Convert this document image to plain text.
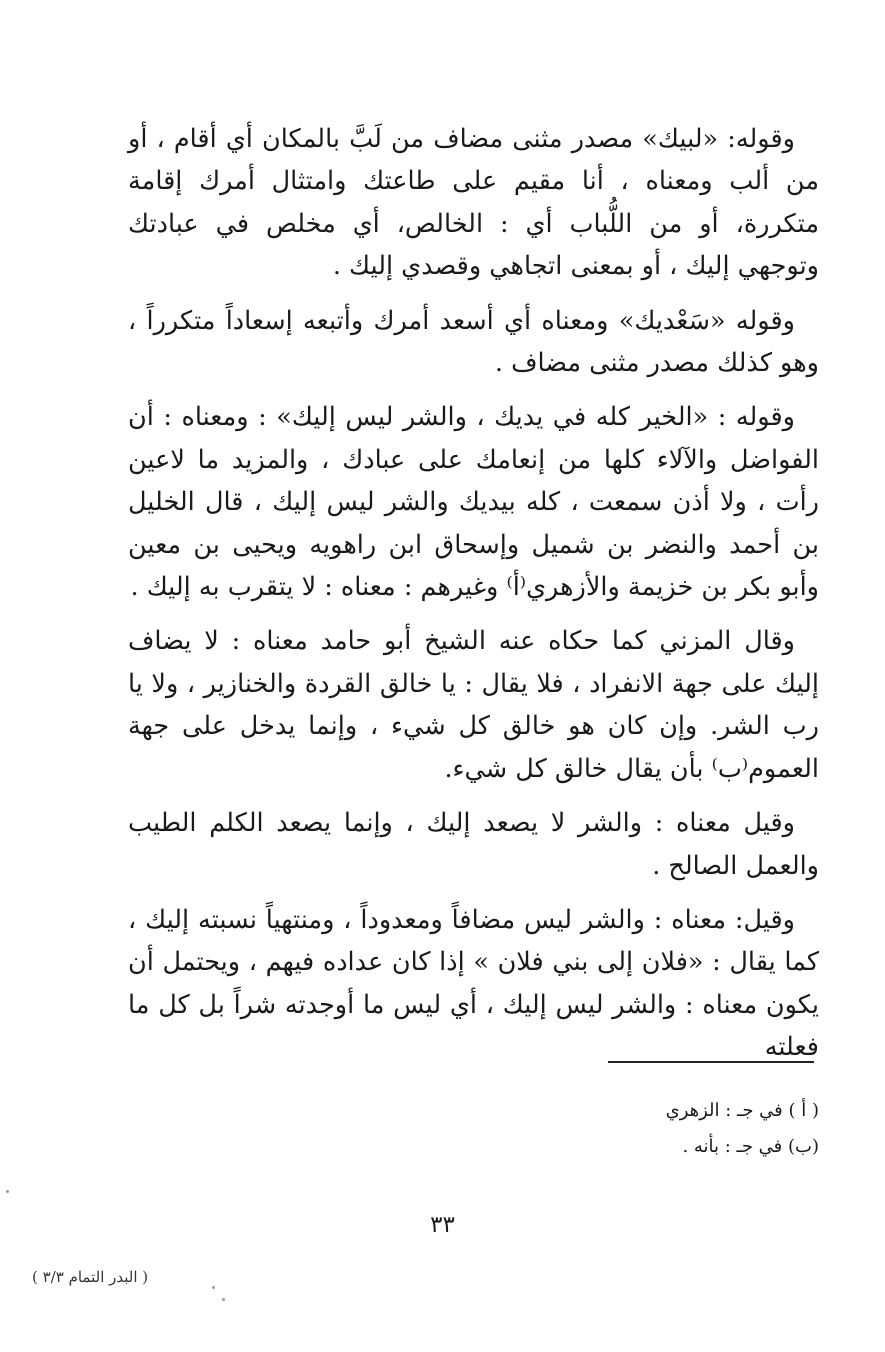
وقوله: «لبيك» مصدر مثنى مضاف من لَبَّ بالمكان أي أقام ، أو من ألب ومعناه ، أنا مقيم على طاعتك وامتثال أمرك إقامة متكررة، أو من اللُّباب أي : الخالص، أي مخلص في عبادتك وتوجهي إليك ، أو بمعنى اتجاهي وقصدي إليك .

وقوله «سَعْديك» ومعناه أي أسعد أمرك وأتبعه إسعاداً متكرراً ، وهو كذلك مصدر مثنى مضاف .

وقوله : «الخير كله في يديك ، والشر ليس إليك» : ومعناه : أن الفواضل والآلاء كلها من إنعامك على عبادك ، والمزيد ما لاعين رأت ، ولا أذن سمعت ، كله بيديك والشر ليس إليك ، قال الخليل بن أحمد والنضر بن شميل وإسحاق ابن راهويه ويحيى بن معين وأبو بكر بن خزيمة والأزهري⁽أ⁾ وغيرهم : معناه : لا يتقرب به إليك .

وقال المزني كما حكاه عنه الشيخ أبو حامد معناه : لا يضاف إليك على جهة الانفراد ، فلا يقال : يا خالق القردة والخنازير ، ولا يا رب الشر. وإن كان هو خالق كل شيء ، وإنما يدخل على جهة العموم⁽ب⁾ بأن يقال خالق كل شيء.

وقيل معناه : والشر لا يصعد إليك ، وإنما يصعد الكلم الطيب والعمل الصالح .

وقيل: معناه : والشر ليس مضافاً ومعدوداً ، ومنتهياً نسبته إليك ، كما يقال : «فلان إلى بني فلان » إذا كان عداده فيهم ، ويحتمل أن يكون معناه : والشر ليس إليك ، أي ليس ما أوجدته شراً بل كل ما فعلته

( أ ) في جـ : الزهري

(ب) في جـ : بأنه .

٣٣
( البدر التمام ٣/٣ )
